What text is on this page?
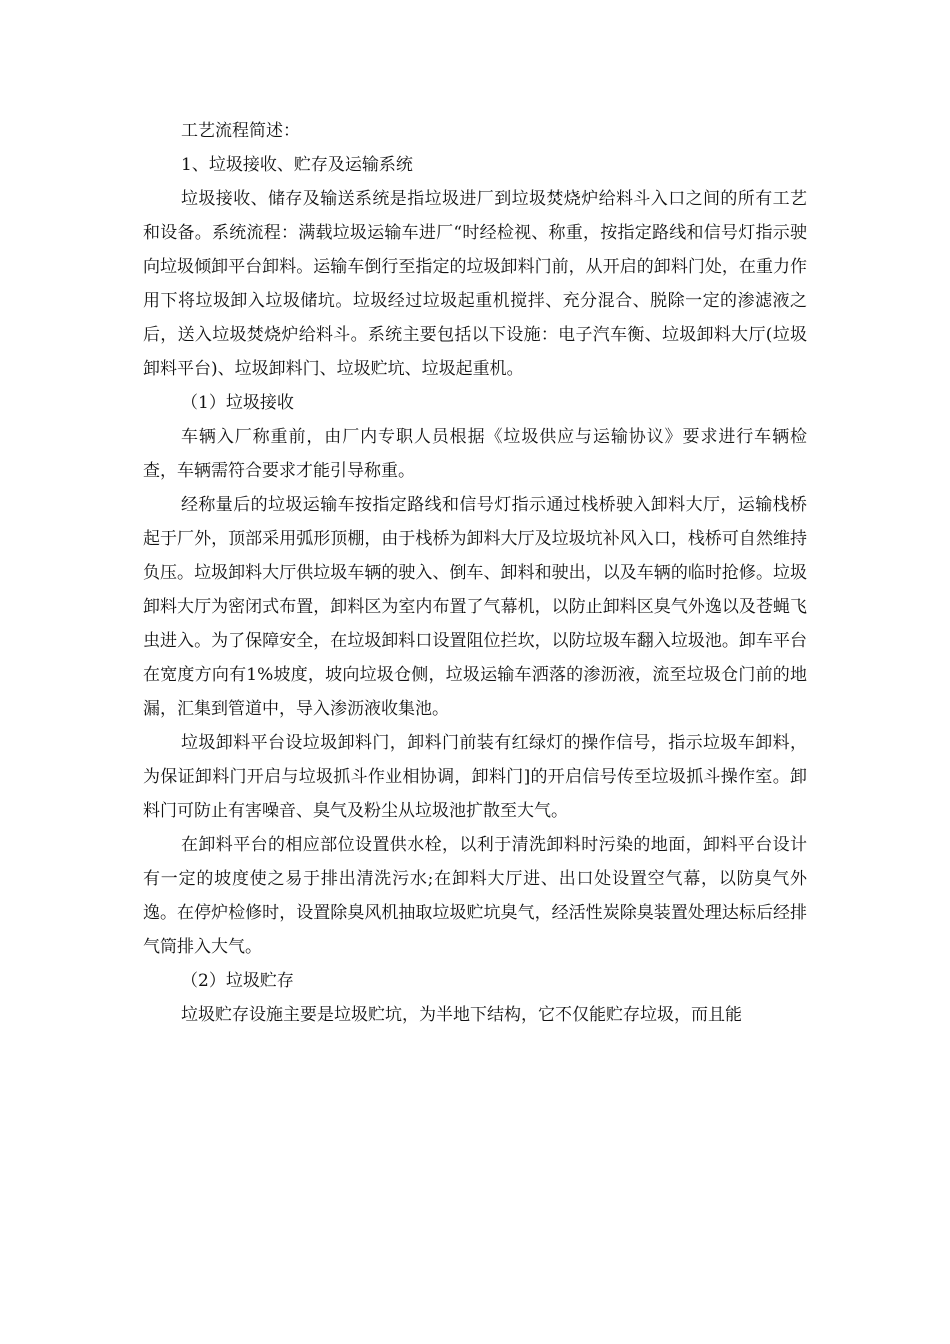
工艺流程简述：

1、垃圾接收、贮存及运输系统

垃圾接收、储存及输送系统是指垃圾进厂到垃圾焚烧炉给料斗入口之间的所有工艺和设备。系统流程：满载垃圾运输车进厂“时经检视、称重，按指定路线和信号灯指示驶向垃圾倾卸平台卸料。运输车倒行至指定的垃圾卸料门前，从开启的卸料门处，在重力作用下将垃圾卸入垃圾储坑。垃圾经过垃圾起重机搅拌、充分混合、脱除一定的渗滤液之后，送入垃圾焚烧炉给料斗。系统主要包括以下设施：电子汽车衡、垃圾卸料大厅(垃圾卸料平台)、垃圾卸料门、垃圾贮坑、垃圾起重机。

（1）垃圾接收

车辆入厂称重前，由厂内专职人员根据《垃圾供应与运输协议》要求进行车辆检查，车辆需符合要求才能引导称重。

经称量后的垃圾运输车按指定路线和信号灯指示通过栈桥驶入卸料大厅，运输栈桥起于厂外，顶部采用弧形顶棚，由于栈桥为卸料大厅及垃圾坑补风入口，栈桥可自然维持负压。垃圾卸料大厅供垃圾车辆的驶入、倒车、卸料和驶出，以及车辆的临时抢修。垃圾卸料大厅为密闭式布置，卸料区为室内布置了气幕机，以防止卸料区臭气外逸以及苍蝇飞虫进入。为了保障安全，在垃圾卸料口设置阻位拦坎，以防垃圾车翻入垃圾池。卸车平台在宽度方向有1%坡度，坡向垃圾仓侧，垃圾运输车洒落的渗沥液，流至垃圾仓门前的地漏，汇集到管道中，导入渗沥液收集池。

垃圾卸料平台设垃圾卸料门，卸料门前装有红绿灯的操作信号，指示垃圾车卸料，为保证卸料门开启与垃圾抓斗作业相协调，卸料门]的开启信号传至垃圾抓斗操作室。卸料门可防止有害噪音、臭气及粉尘从垃圾池扩散至大气。

在卸料平台的相应部位设置供水栓，以利于清洗卸料时污染的地面，卸料平台设计有一定的坡度使之易于排出清洗污水;在卸料大厅进、出口处设置空气幕，以防臭气外逸。在停炉检修时，设置除臭风机抽取垃圾贮坑臭气，经活性炭除臭装置处理达标后经排气筒排入大气。

（2）垃圾贮存

垃圾贮存设施主要是垃圾贮坑，为半地下结构，它不仅能贮存垃圾，而且能
